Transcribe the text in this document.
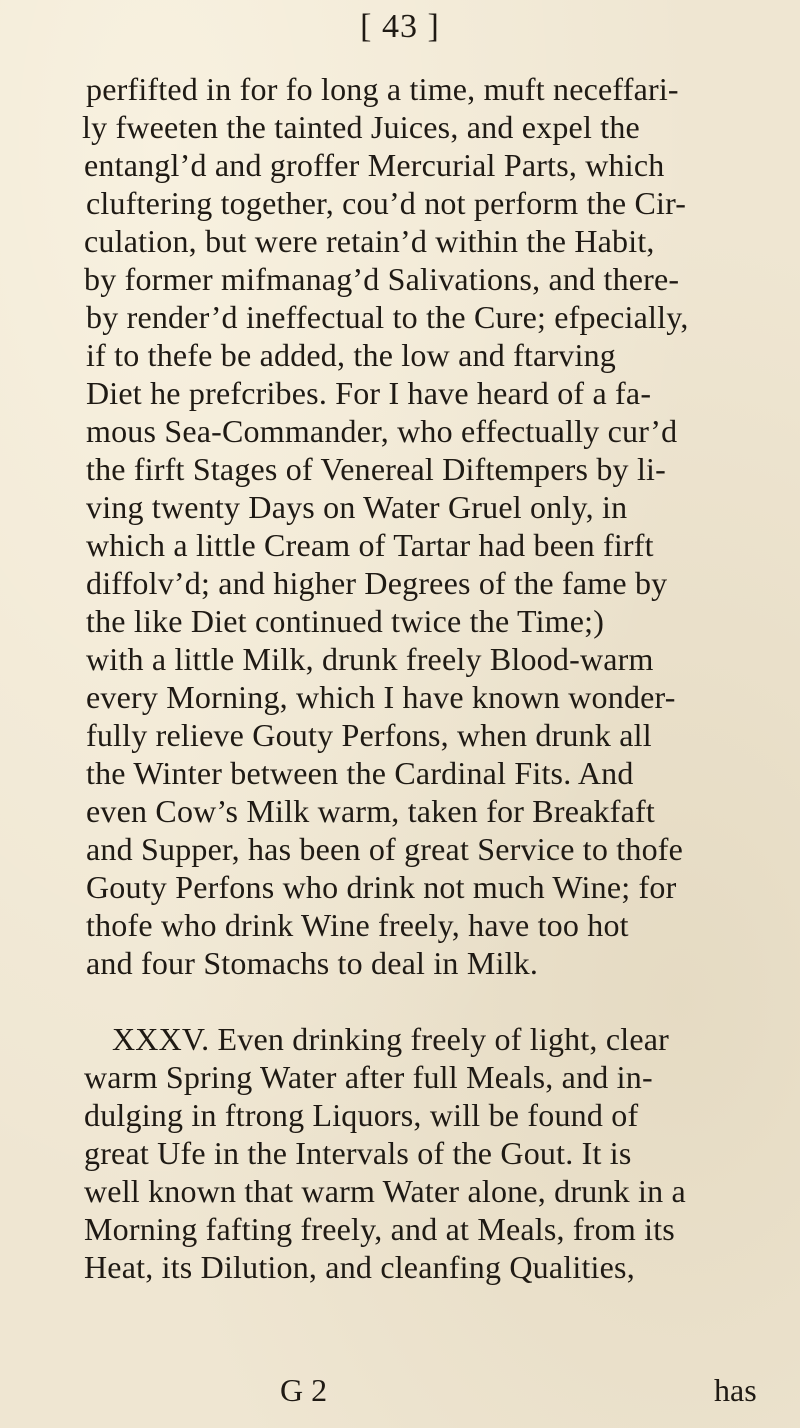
[ 43 ]
perfifted in for fo long a time, muft neceffari-
ly fweeten the tainted Juices, and expel the
entangl’d and groffer Mercurial Parts, which
cluftering together, cou’d not perform the Cir-
culation, but were retain’d within the Habit,
by former mifmanag’d Salivations, and there-
by render’d ineffectual to the Cure; efpecially,
if to thefe be added, the low and ftarving
Diet he prefcribes. For I have heard of a fa-
mous Sea-Commander, who effectually cur’d
the firft Stages of Venereal Diftempers by li-
ving twenty Days on Water Gruel only, in
which a little Cream of Tartar had been firft
diffolv’d; and higher Degrees of the fame by
the like Diet continued twice the Time;)
with a little Milk, drunk freely Blood-warm
every Morning, which I have known wonder-
fully relieve Gouty Perfons, when drunk all
the Winter between the Cardinal Fits. And
even Cow’s Milk warm, taken for Breakfaft
and Supper, has been of great Service to thofe
Gouty Perfons who drink not much Wine; for
thofe who drink Wine freely, have too hot
and four Stomachs to deal in Milk.
XXXV. Even drinking freely of light, clear
warm Spring Water after full Meals, and in-
dulging in ftrong Liquors, will be found of
great Ufe in the Intervals of the Gout. It is
well known that warm Water alone, drunk in a
Morning fafting freely, and at Meals, from its
Heat, its Dilution, and cleanfing Qualities,
G 2	has
